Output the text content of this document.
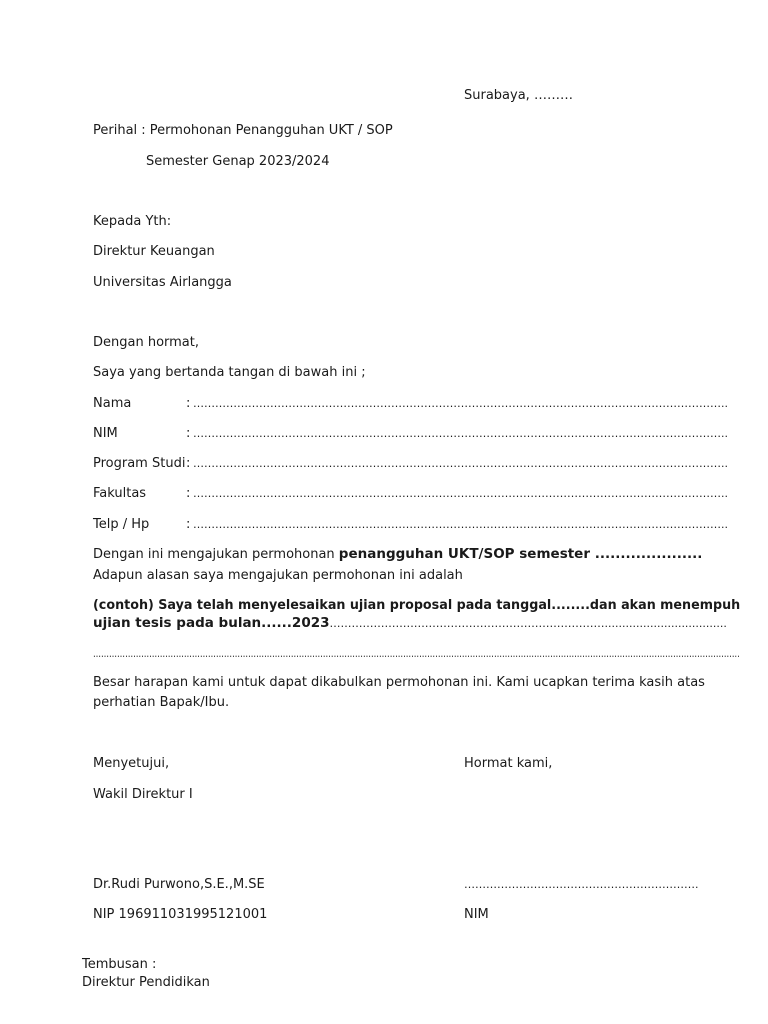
Surabaya, ………
Perihal : Permohonan Penangguhan UKT / SOP
Semester Genap 2023/2024
Kepada Yth:
Direktur Keuangan
Universitas Airlangga
Dengan hormat,
Saya yang bertanda tangan di bawah ini ;
Nama	: ………………………………………………………………………………………………………………………………..
NIM	: ………………………………………………………………………………………………………………………………..
Program Studi : ………………………………………………………………………………………………………………………………..
Fakultas	: ………………………………………………………………………………………………………………………………..
Telp / Hp	: ………………………………………………………………………………………………………………………………..
Dengan ini mengajukan permohonan penangguhan UKT/SOP semester .....................
Adapun alasan saya mengajukan permohonan ini adalah
(contoh) Saya telah menyelesaikan ujian proposal pada tanggal........dan akan menempuh
ujian tesis pada bulan......2023…………………………………………………………………...................................
……………………………………………………………………………………………………………………………………………………………………………………………………………………..
Besar harapan kami untuk dapat dikabulkan permohonan ini. Kami ucapkan terima kasih atas
perhatian Bapak/Ibu.
Menyetujui,	Hormat kami,
Wakil Direktur I
Dr.Rudi Purwono,S.E.,M.SE	……………………………………………………….
NIP 196911031995121001	NIM
Tembusan :
Direktur Pendidikan
